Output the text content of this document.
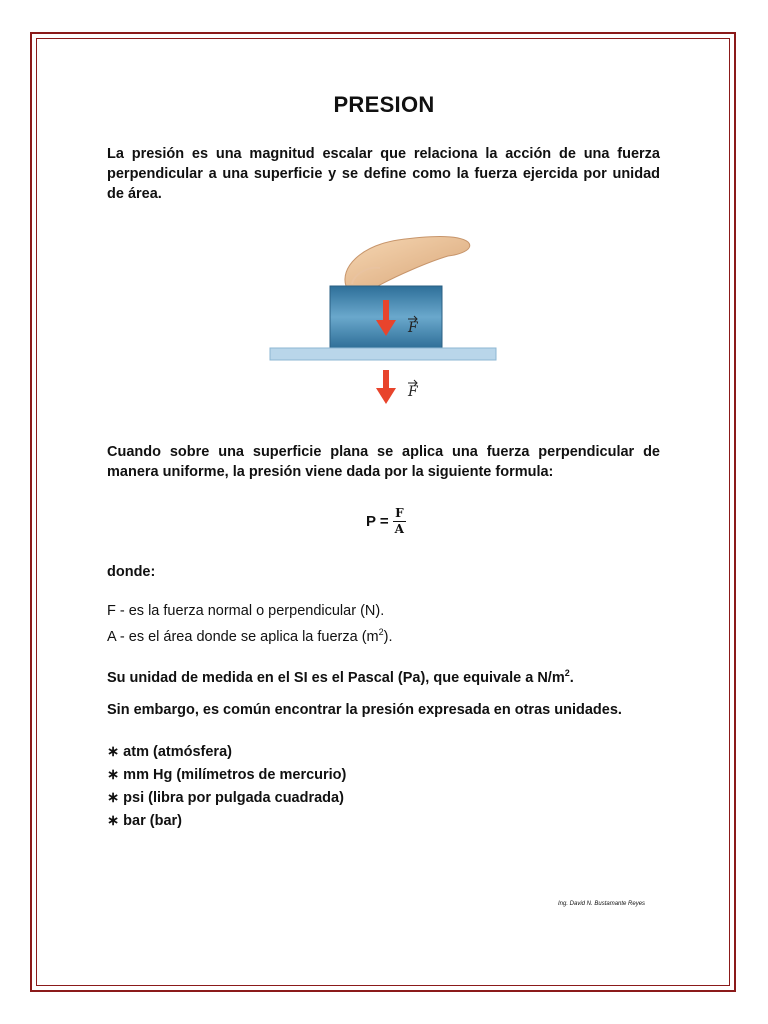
PRESION

La presión es una magnitud escalar que relaciona la acción de una fuerza perpendicular a una superficie y se define como la fuerza ejercida por unidad de área.

F
F

Cuando sobre una superficie plana se aplica una fuerza perpendicular de manera uniforme, la presión viene dada por la siguiente formula:

$P = \frac{F}{A}$
donde:
F - es la fuerza normal o perpendicular (N).
A - es el área donde se aplica la fuerza $(m^2)$.
Su unidad de medida en el SI es el Pascal (Pa), que equivale a $N/m^2$.
Sin embargo, es común encontrar la presión expresada en otras unidades.
∗ atm (atmósfera)
∗ mm Hg (milímetros de mercurio)
∗ psi (libra por pulgada cuadrada)
∗ bar (bar)
Ing. David N. Bustamante Reyes
